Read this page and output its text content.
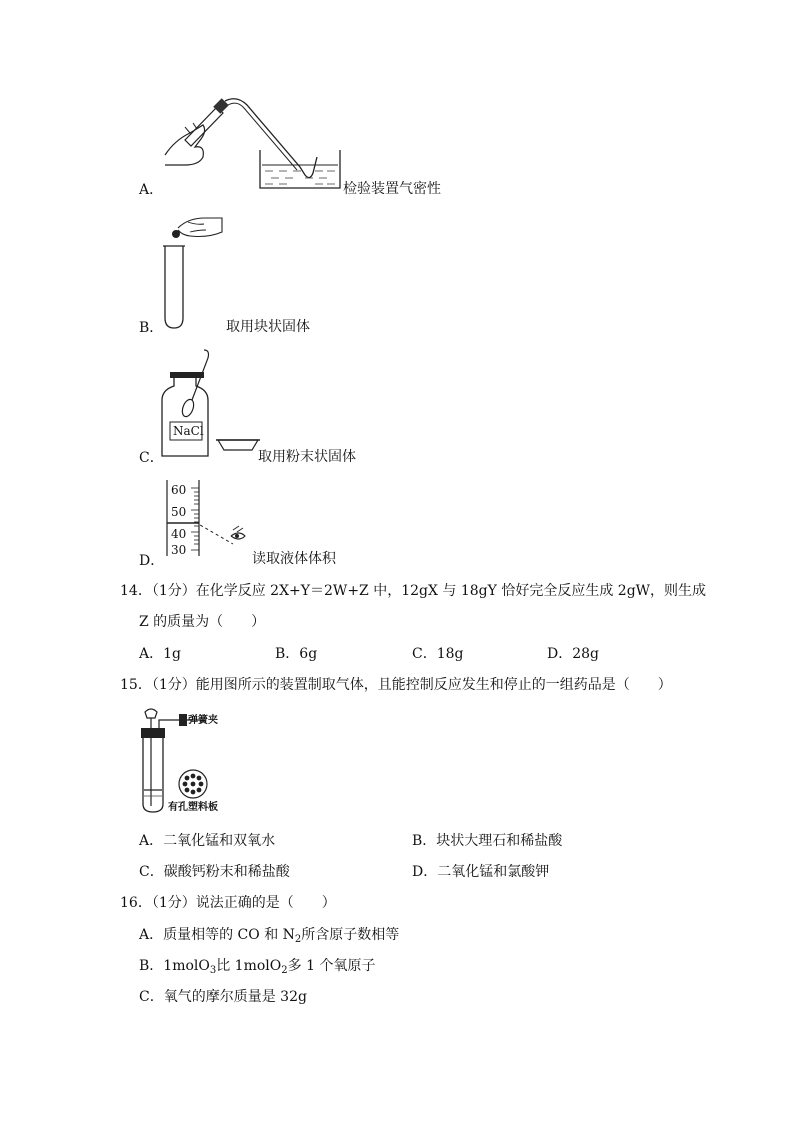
A．	检验装置气密性
B．	取用块状固体
C．
NaCl
取用粉末状固体
D．
60
50
40
30
读取液体体积
14．（1分）在化学反应 2X+Y＝2W+Z 中，12gX 与 18gY 恰好完全反应生成 2gW，则生成
Z 的质量为（　　）
A．1g	B．6g	C．18g	D．28g
15．（1分）能用图所示的装置制取气体，且能控制反应发生和停止的一组药品是（　　）
弹簧夹
有孔塑料板
A．二氧化锰和双氧水	B．块状大理石和稀盐酸
C．碳酸钙粉末和稀盐酸	D．二氧化锰和氯酸钾
16．（1分）说法正确的是（　　）
A．质量相等的 CO 和 $N_2$所含原子数相等
B．1molO$_3$比 1molO$_2$多 1 个氧原子
C．氧气的摩尔质量是 32g
